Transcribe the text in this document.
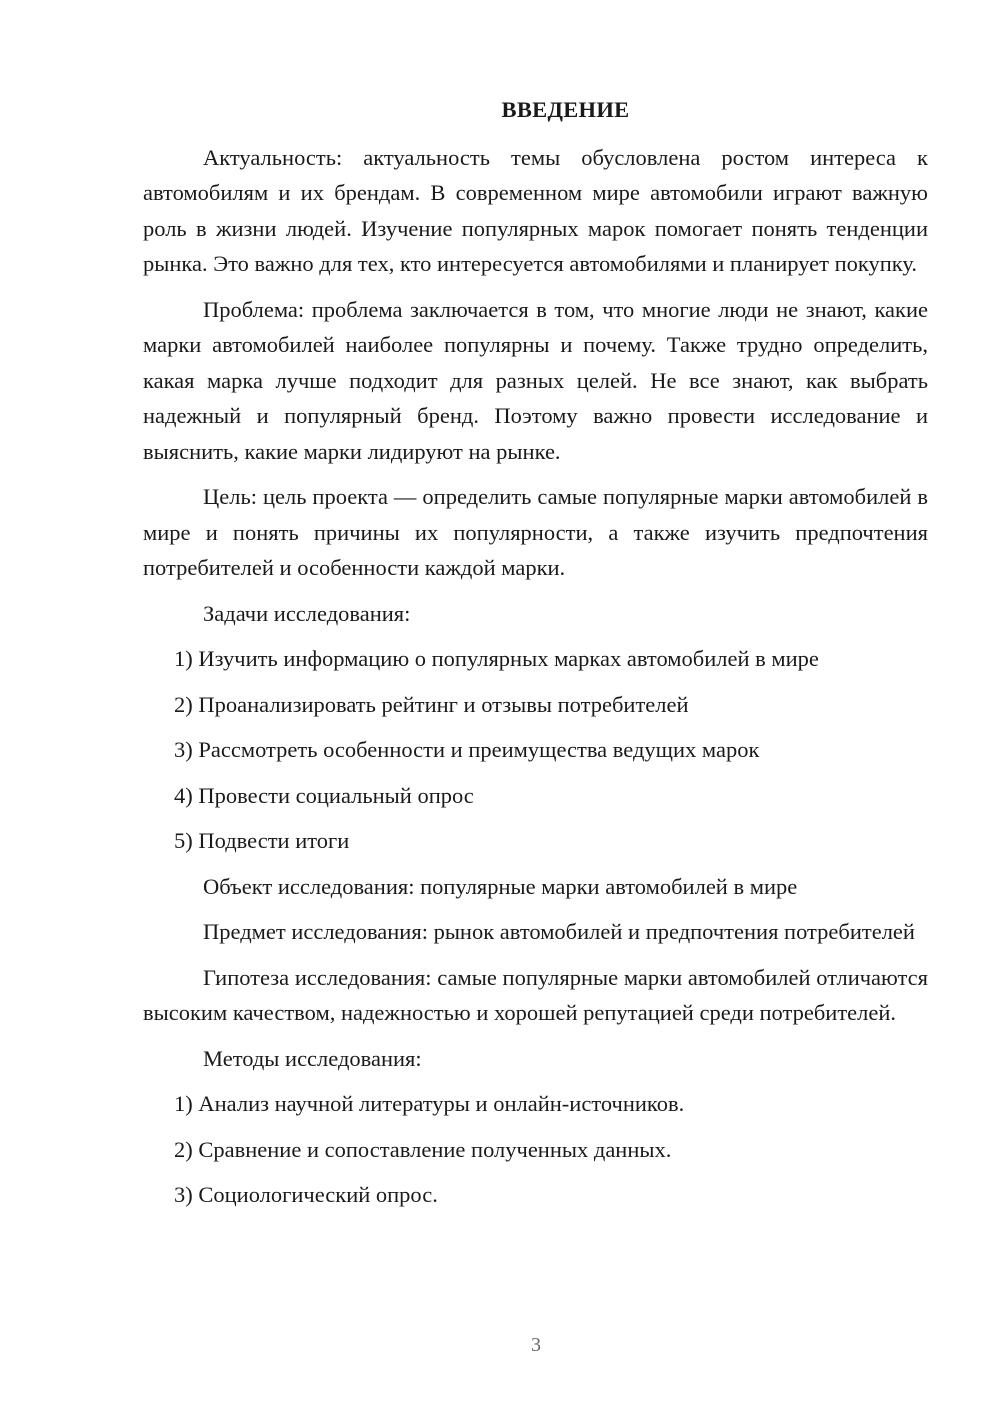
ВВЕДЕНИЕ

Актуальность: актуальность темы обусловлена ростом интереса к автомобилям и их брендам. В современном мире автомобили играют важную роль в жизни людей. Изучение популярных марок помогает понять тенденции рынка. Это важно для тех, кто интересуется автомобилями и планирует покупку.

Проблема: проблема заключается в том, что многие люди не знают, какие марки автомобилей наиболее популярны и почему. Также трудно определить, какая марка лучше подходит для разных целей. Не все знают, как выбрать надежный и популярный бренд. Поэтому важно провести исследование и выяснить, какие марки лидируют на рынке.

Цель: цель проекта — определить самые популярные марки автомобилей в мире и понять причины их популярности, а также изучить предпочтения потребителей и особенности каждой марки.

Задачи исследования:

1) Изучить информацию о популярных марках автомобилей в мире
2) Проанализировать рейтинг и отзывы потребителей
3) Рассмотреть особенности и преимущества ведущих марок
4) Провести социальный опрос
5) Подвести итоги

Объект исследования: популярные марки автомобилей в мире

Предмет исследования: рынок автомобилей и предпочтения потребителей

Гипотеза исследования: самые популярные марки автомобилей отличаются высоким качеством, надежностью и хорошей репутацией среди потребителей.

Методы исследования:

1) Анализ научной литературы и онлайн-источников.
2) Сравнение и сопоставление полученных данных.
3) Социологический опрос.
3
